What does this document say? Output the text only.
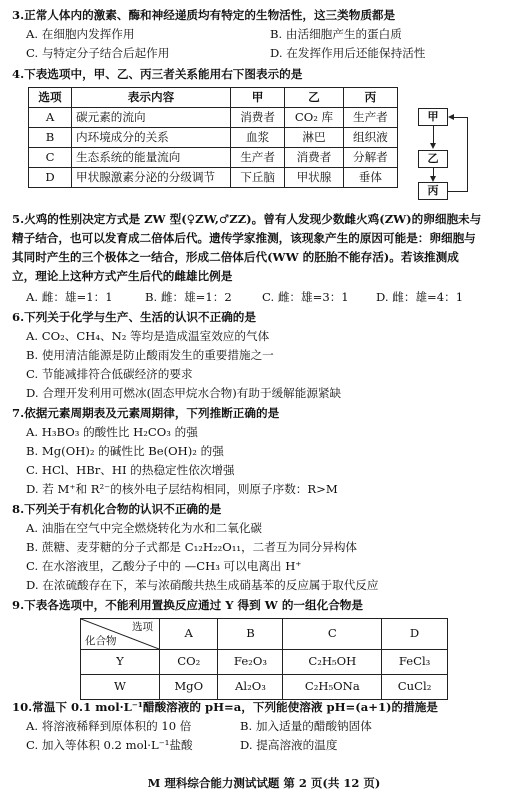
3.正常人体内的激素、酶和神经递质均有特定的生物活性，这三类物质都是
A. 在细胞内发挥作用	B. 由活细胞产生的蛋白质
C. 与特定分子结合后起作用	D. 在发挥作用后还能保持活性
4.下表选项中，甲、乙、丙三者关系能用右下图表示的是
选项	表示内容	甲	乙	丙
A	碳元素的流向	消费者	CO₂ 库	生产者
B	内环境成分的关系	血浆	淋巴	组织液
C	生态系统的能量流向	生产者	消费者	分解者
D	甲状腺激素分泌的分级调节	下丘脑	甲状腺	垂体
甲
乙
丙
5.火鸡的性别决定方式是 ZW 型(♀ZW,♂ZZ)。曾有人发现少数雌火鸡(ZW)的卵细胞未与
精子结合，也可以发育成二倍体后代。遗传学家推测，该现象产生的原因可能是：卵细胞与
其同时产生的三个极体之一结合，形成二倍体后代(WW 的胚胎不能存活)。若该推测成
立，理论上这种方式产生后代的雌雄比例是
A. 雌：雄=1：1	B. 雌：雄=1：2	C. 雌：雄=3：1 D. 雌：雄=4：1
6.下列关于化学与生产、生活的认识不正确的是
A. CO₂、CH₄、N₂ 等均是造成温室效应的气体
B. 使用清洁能源是防止酸雨发生的重要措施之一
C. 节能减排符合低碳经济的要求
D. 合理开发利用可燃冰(固态甲烷水合物)有助于缓解能源紧缺
7.依据元素周期表及元素周期律，下列推断正确的是
A. H₃BO₃ 的酸性比 H₂CO₃ 的强
B. Mg(OH)₂ 的碱性比 Be(OH)₂ 的强
C. HCl、HBr、HI 的热稳定性依次增强
D. 若 M⁺和 R²⁻的核外电子层结构相同，则原子序数：R>M
8.下列关于有机化合物的认识不正确的是
A. 油脂在空气中完全燃烧转化为水和二氧化碳
B. 蔗糖、麦芽糖的分子式都是 C₁₂H₂₂O₁₁，二者互为同分异构体
C. 在水溶液里，乙酸分子中的 —CH₃ 可以电离出 H⁺
D. 在浓硫酸存在下，苯与浓硝酸共热生成硝基苯的反应属于取代反应
9.下表各选项中，不能利用置换反应通过 Y 得到 W 的一组化合物是
选项
化合物	A	B	C	D
Y	CO₂	Fe₂O₃	C₂H₅OH	FeCl₃
W	MgO	Al₂O₃	C₂H₅ONa	CuCl₂
10.常温下 0.1 mol·L⁻¹醋酸溶液的 pH=a，下列能使溶液 pH=(a+1)的措施是
A. 将溶液稀释到原体积的 10 倍	B. 加入适量的醋酸钠固体
C. 加入等体积 0.2 mol·L⁻¹盐酸	D. 提高溶液的温度
M 理科综合能力测试试题 第 2 页(共 12 页)
